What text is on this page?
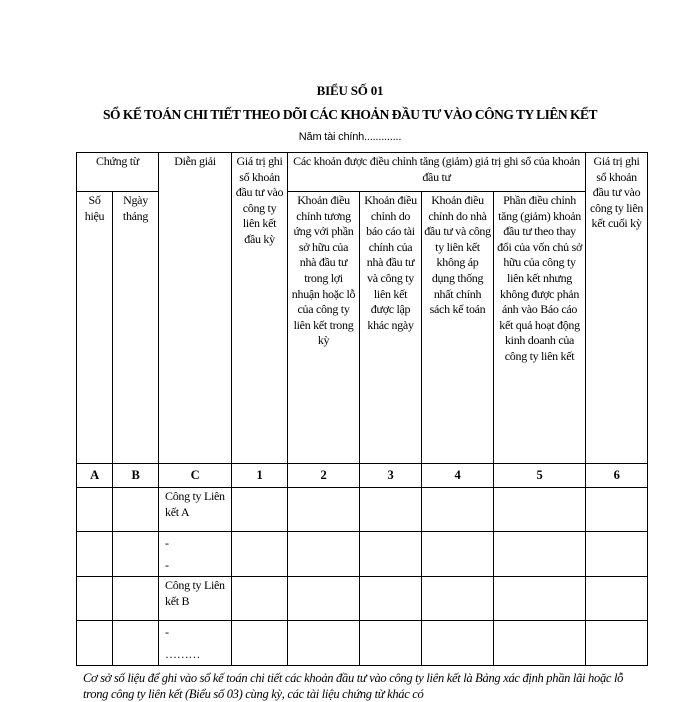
BIỂU SỐ 01
SỔ KẾ TOÁN CHI TIẾT THEO DÕI CÁC KHOẢN ĐẦU TƯ VÀO CÔNG TY LIÊN KẾT
Năm tài chính.............
Chứng từ		Diễn giải	Giá trị ghi sổ khoản đầu tư vào công ty liên kết đầu kỳ	Các khoản được điều chỉnh tăng (giảm) giá trị ghi sổ của khoản đầu tư				Giá trị ghi sổ khoản đầu tư vào công ty liên kết cuối kỳ
Số hiệu	Ngày tháng			Khoản điều chỉnh tương ứng với phần sở hữu của nhà đầu tư trong lợi nhuận hoặc lỗ của công ty liên kết trong kỳ	Khoản điều chỉnh do báo cáo tài chính của nhà đầu tư và công ty liên kết được lập khác ngày	Khoản điều chỉnh do nhà đầu tư và công ty liên kết không áp dụng thống nhất chính sách kế toán	Phần điều chỉnh tăng (giảm) khoản đầu tư theo thay đổi của vốn chủ sở hữu của công ty liên kết nhưng không được phản ánh vào Báo cáo kết quả hoạt động kinh doanh của công ty liên kết	
A	B	C	1	2	3	4	5	6
		Công ty Liên kết A						

		-
-						

		Công ty Liên kết B						

		-
………						

Cơ sở số liệu để ghi vào sổ kế toán chi tiết các khoản đầu tư vào công ty liên kết là Bảng xác định phần lãi hoặc lỗ trong công ty liên kết (Biểu số 03) cùng kỳ, các tài liệu chứng từ khác có
